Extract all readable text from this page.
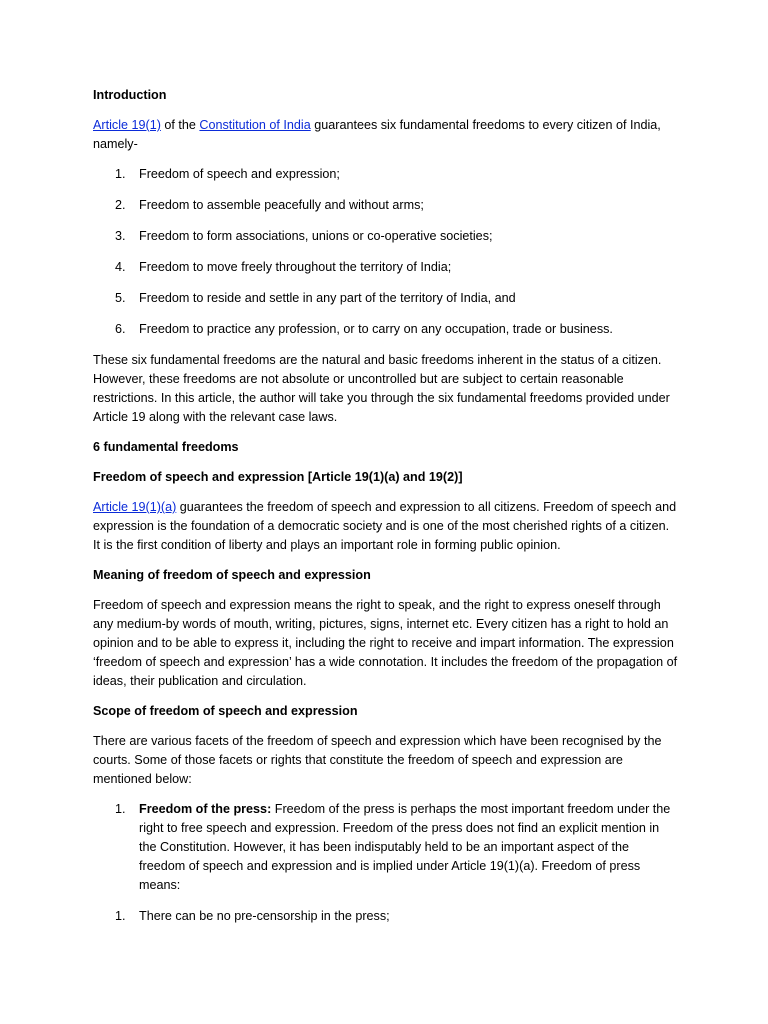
Introduction

Article 19(1) of the Constitution of India guarantees six fundamental freedoms to every citizen of India, namely-

1. Freedom of speech and expression;
2. Freedom to assemble peacefully and without arms;
3. Freedom to form associations, unions or co-operative societies;
4. Freedom to move freely throughout the territory of India;
5. Freedom to reside and settle in any part of the territory of India, and
6. Freedom to practice any profession, or to carry on any occupation, trade or business.

These six fundamental freedoms are the natural and basic freedoms inherent in the status of a citizen. However, these freedoms are not absolute or uncontrolled but are subject to certain reasonable restrictions. In this article, the author will take you through the six fundamental freedoms provided under Article 19 along with the relevant case laws.

6 fundamental freedoms
Freedom of speech and expression [Article 19(1)(a) and 19(2)]

Article 19(1)(a) guarantees the freedom of speech and expression to all citizens. Freedom of speech and expression is the foundation of a democratic society and is one of the most cherished rights of a citizen. It is the first condition of liberty and plays an important role in forming public opinion.

Meaning of freedom of speech and expression

Freedom of speech and expression means the right to speak, and the right to express oneself through any medium-by words of mouth, writing, pictures, signs, internet etc. Every citizen has a right to hold an opinion and to be able to express it, including the right to receive and impart information. The expression ‘freedom of speech and expression’ has a wide connotation. It includes the freedom of the propagation of ideas, their publication and circulation.

Scope of freedom of speech and expression

There are various facets of the freedom of speech and expression which have been recognised by the courts. Some of those facets or rights that constitute the freedom of speech and expression are mentioned below:

1. Freedom of the press: Freedom of the press is perhaps the most important freedom under the right to free speech and expression. Freedom of the press does not find an explicit mention in the Constitution. However, it has been indisputably held to be an important aspect of the freedom of speech and expression and is implied under Article 19(1)(a). Freedom of press means:
1. There can be no pre-censorship in the press;
